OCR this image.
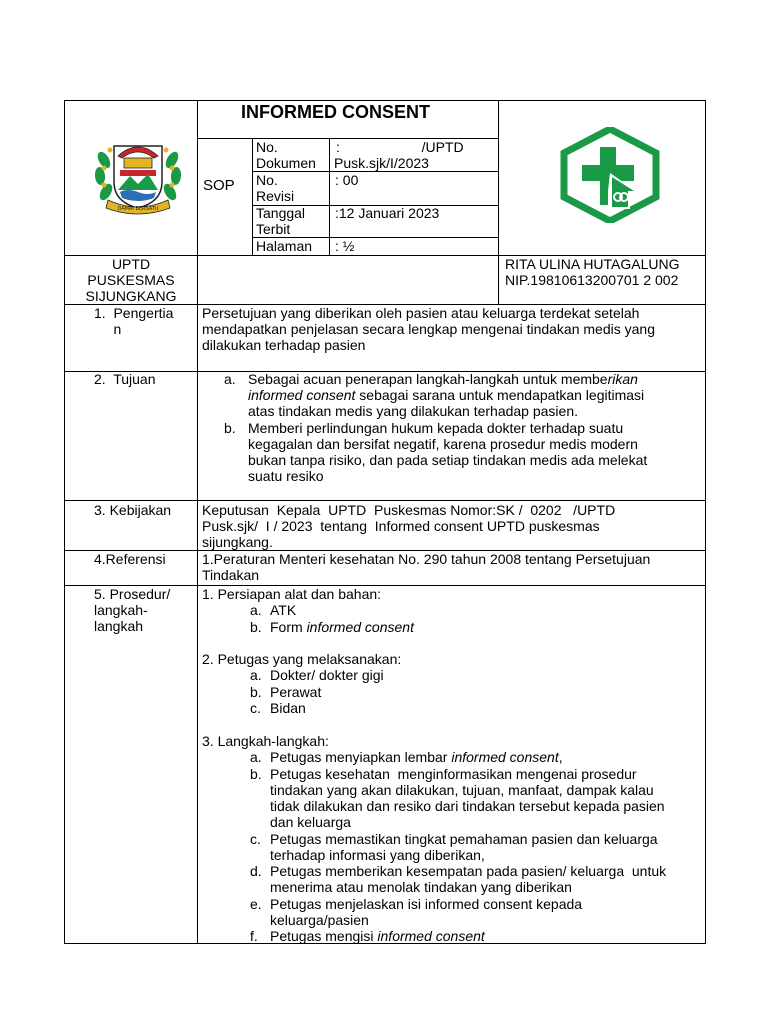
DAMAI BERSATU
INFORMED CONSENT
SOP
No.
Dokumen
:                     /UPTD
Pusk.sjk/I/2023
No.
Revisi
: 00
Tanggal
Terbit
:12 Januari 2023
Halaman : ½
UPTD
PUSKESMAS
SIJUNGKANG
RITA ULINA HUTAGALUNG
NIP.19810613200701 2 002
1.  Pengertia
n
Persetujuan yang diberikan oleh pasien atau keluarga terdekat setelah
mendapatkan penjelasan secara lengkap mengenai tindakan medis yang
dilakukan terhadap pasien
2.  Tujuan	a. Sebagai acuan penerapan langkah-langkah untuk memberikan
informed consent sebagai sarana untuk mendapatkan legitimasi
atas tindakan medis yang dilakukan terhadap pasien.
b. Memberi perlindungan hukum kepada dokter terhadap suatu
kegagalan dan bersifat negatif, karena prosedur medis modern
bukan tanpa risiko, dan pada setiap tindakan medis ada melekat
suatu resiko
3. Kebijakan Keputusan  Kepala  UPTD  Puskesmas Nomor:SK /  0202   /UPTD
Pusk.sjk/  I / 2023  tentang  Informed consent UPTD puskesmas
sijungkang.
4.Referensi	1.Peraturan Menteri kesehatan No. 290 tahun 2008 tentang Persetujuan
Tindakan
5. Prosedur/
langkah-
langkah
1. Persiapan alat dan bahan:
a. ATK
b. Form informed consent
2. Petugas yang melaksanakan:
a. Dokter/ dokter gigi
b. Perawat
c. Bidan
3. Langkah-langkah:
a. Petugas menyiapkan lembar informed consent,
b. Petugas kesehatan  menginformasikan mengenai prosedur
tindakan yang akan dilakukan, tujuan, manfaat, dampak kalau
tidak dilakukan dan resiko dari tindakan tersebut kepada pasien
dan keluarga
c. Petugas memastikan tingkat pemahaman pasien dan keluarga
terhadap informasi yang diberikan,
d. Petugas memberikan kesempatan pada pasien/ keluarga  untuk
menerima atau menolak tindakan yang diberikan
e. Petugas menjelaskan isi informed consent kepada
keluarga/pasien
f. Petugas mengisi informed consent
